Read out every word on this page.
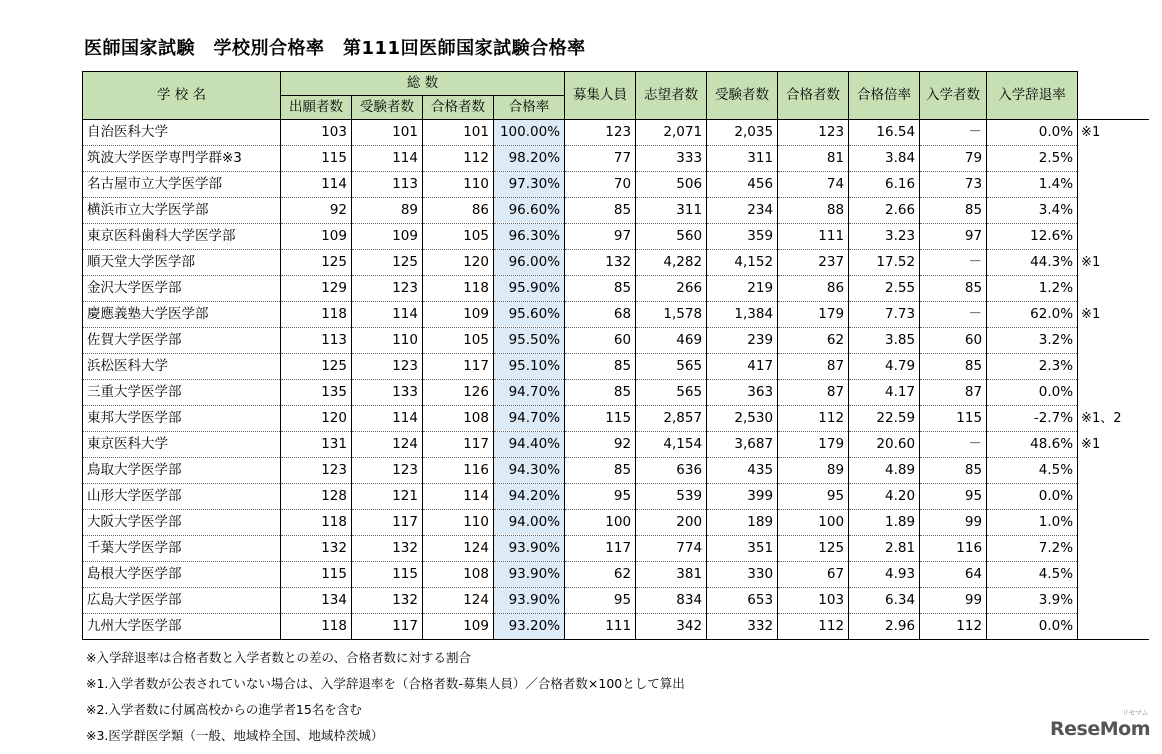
医師国家試験　学校別合格率　第111回医師国家試験合格率
学 校 名	総 数				募集人員	志望者数	受験者数	合格者数	合格倍率	入学者数	入学辞退率	
	出願者数	受験者数	合格者数	合格率								
自治医科大学	103	101	101	100.00%	123	2,071	2,035	123	16.54	－	0.0%	※1
筑波大学医学専門学群※3	115	114	112	98.20%	77	333	311	81	3.84	79	2.5%	
名古屋市立大学医学部	114	113	110	97.30%	70	506	456	74	6.16	73	1.4%	
横浜市立大学医学部	92	89	86	96.60%	85	311	234	88	2.66	85	3.4%	
東京医科歯科大学医学部	109	109	105	96.30%	97	560	359	111	3.23	97	12.6%	
順天堂大学医学部	125	125	120	96.00%	132	4,282	4,152	237	17.52	－	44.3%	※1
金沢大学医学部	129	123	118	95.90%	85	266	219	86	2.55	85	1.2%	
慶應義塾大学医学部	118	114	109	95.60%	68	1,578	1,384	179	7.73	－	62.0%	※1
佐賀大学医学部	113	110	105	95.50%	60	469	239	62	3.85	60	3.2%	
浜松医科大学	125	123	117	95.10%	85	565	417	87	4.79	85	2.3%	
三重大学医学部	135	133	126	94.70%	85	565	363	87	4.17	87	0.0%	
東邦大学医学部	120	114	108	94.70%	115	2,857	2,530	112	22.59	115	-2.7%	※1、2
東京医科大学	131	124	117	94.40%	92	4,154	3,687	179	20.60	－	48.6%	※1
鳥取大学医学部	123	123	116	94.30%	85	636	435	89	4.89	85	4.5%	
山形大学医学部	128	121	114	94.20%	95	539	399	95	4.20	95	0.0%	
大阪大学医学部	118	117	110	94.00%	100	200	189	100	1.89	99	1.0%	
千葉大学医学部	132	132	124	93.90%	117	774	351	125	2.81	116	7.2%	
島根大学医学部	115	115	108	93.90%	62	381	330	67	4.93	64	4.5%	
広島大学医学部	134	132	124	93.90%	95	834	653	103	6.34	99	3.9%	
九州大学医学部	118	117	109	93.20%	111	342	332	112	2.96	112	0.0%	
※入学辞退率は合格者数と入学者数との差の、合格者数に対する割合
※1.入学者数が公表されていない場合は、入学辞退率を（合格者数-募集人員）／合格者数×100として算出
※2.入学者数に付属高校からの進学者15名を含む
※3.医学群医学類（一般、地域枠全国、地域枠茨城）	ReseMom
リセマム
